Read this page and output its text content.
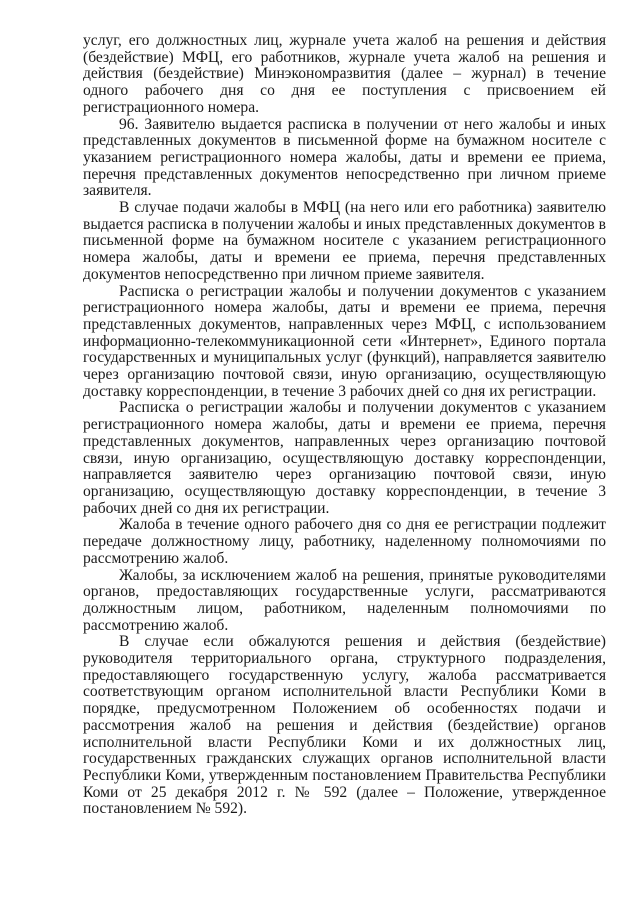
услуг, его должностных лиц, журнале учета жалоб на решения и действия (бездействие) МФЦ, его работников, журнале учета жалоб на решения и действия (бездействие) Минэкономразвития (далее – журнал) в течение одного рабочего дня со дня ее поступления с присвоением ей регистрационного номера.

96. Заявителю выдается расписка в получении от него жалобы и иных представленных документов в письменной форме на бумажном носителе с указанием регистрационного номера жалобы, даты и времени ее приема, перечня представленных документов непосредственно при личном приеме заявителя.

В случае подачи жалобы в МФЦ (на него или его работника) заявителю выдается расписка в получении жалобы и иных представленных документов в письменной форме на бумажном носителе с указанием регистрационного номера жалобы, даты и времени ее приема, перечня представленных документов непосредственно при личном приеме заявителя.

Расписка о регистрации жалобы и получении документов с указанием регистрационного номера жалобы, даты и времени ее приема, перечня представленных документов, направленных через МФЦ, с использованием информационно-телекоммуникационной сети «Интернет», Единого портала государственных и муниципальных услуг (функций), направляется заявителю через организацию почтовой связи, иную организацию, осуществляющую доставку корреспонденции, в течение 3 рабочих дней со дня их регистрации.

Расписка о регистрации жалобы и получении документов с указанием регистрационного номера жалобы, даты и времени ее приема, перечня представленных документов, направленных через организацию почтовой связи, иную организацию, осуществляющую доставку корреспонденции, направляется заявителю через организацию почтовой связи, иную организацию, осуществляющую доставку корреспонденции, в течение 3 рабочих дней со дня их регистрации.

Жалоба в течение одного рабочего дня со дня ее регистрации подлежит передаче должностному лицу, работнику, наделенному полномочиями по рассмотрению жалоб.

Жалобы, за исключением жалоб на решения, принятые руководителями органов, предоставляющих государственные услуги, рассматриваются должностным лицом, работником, наделенным полномочиями по рассмотрению жалоб.

В случае если обжалуются решения и действия (бездействие) руководителя территориального органа, структурного подразделения, предоставляющего государственную услугу, жалоба рассматривается соответствующим органом исполнительной власти Республики Коми в порядке, предусмотренном Положением об особенностях подачи и рассмотрения жалоб на решения и действия (бездействие) органов исполнительной власти Республики Коми и их должностных лиц, государственных гражданских служащих органов исполнительной власти Республики Коми, утвержденным постановлением Правительства Республики Коми от 25 декабря 2012 г. № 592 (далее – Положение, утвержденное постановлением № 592).
